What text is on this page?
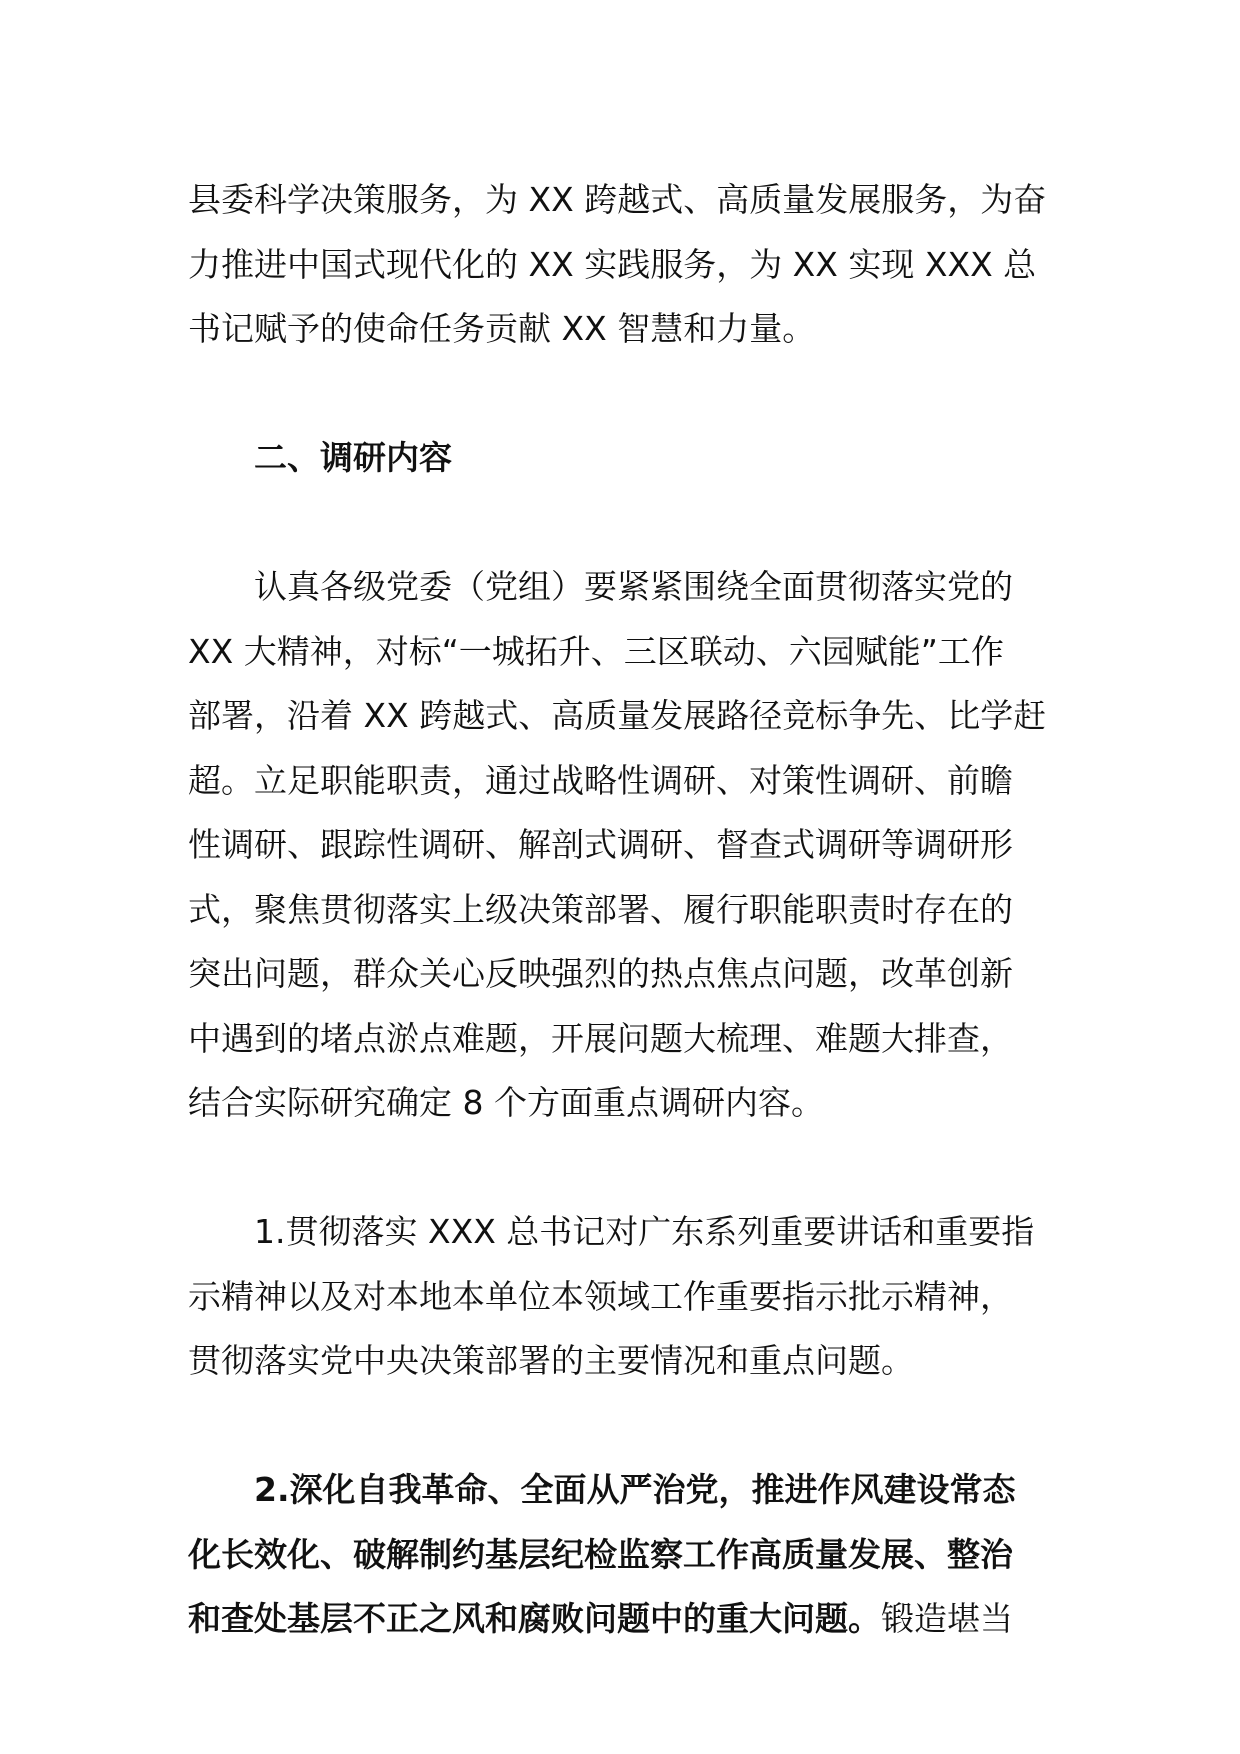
县委科学决策服务，为 XX 跨越式、高质量发展服务，为奋
力推进中国式现代化的 XX 实践服务，为 XX 实现 XXX 总
书记赋予的使命任务贡献 XX 智慧和力量。
二、调研内容
认真各级党委（党组）要紧紧围绕全面贯彻落实党的
XX 大精神，对标“一城拓升、三区联动、六园赋能”工作
部署，沿着 XX 跨越式、高质量发展路径竞标争先、比学赶
超。立足职能职责，通过战略性调研、对策性调研、前瞻
性调研、跟踪性调研、解剖式调研、督查式调研等调研形
式，聚焦贯彻落实上级决策部署、履行职能职责时存在的
突出问题，群众关心反映强烈的热点焦点问题，改革创新
中遇到的堵点淤点难题，开展问题大梳理、难题大排查，
结合实际研究确定 8 个方面重点调研内容。
1.贯彻落实 XXX 总书记对广东系列重要讲话和重要指
示精神以及对本地本单位本领域工作重要指示批示精神，
贯彻落实党中央决策部署的主要情况和重点问题。
2.深化自我革命、全面从严治党，推进作风建设常态
化长效化、破解制约基层纪检监察工作高质量发展、整治
和查处基层不正之风和腐败问题中的重大问题。锻造堪当
